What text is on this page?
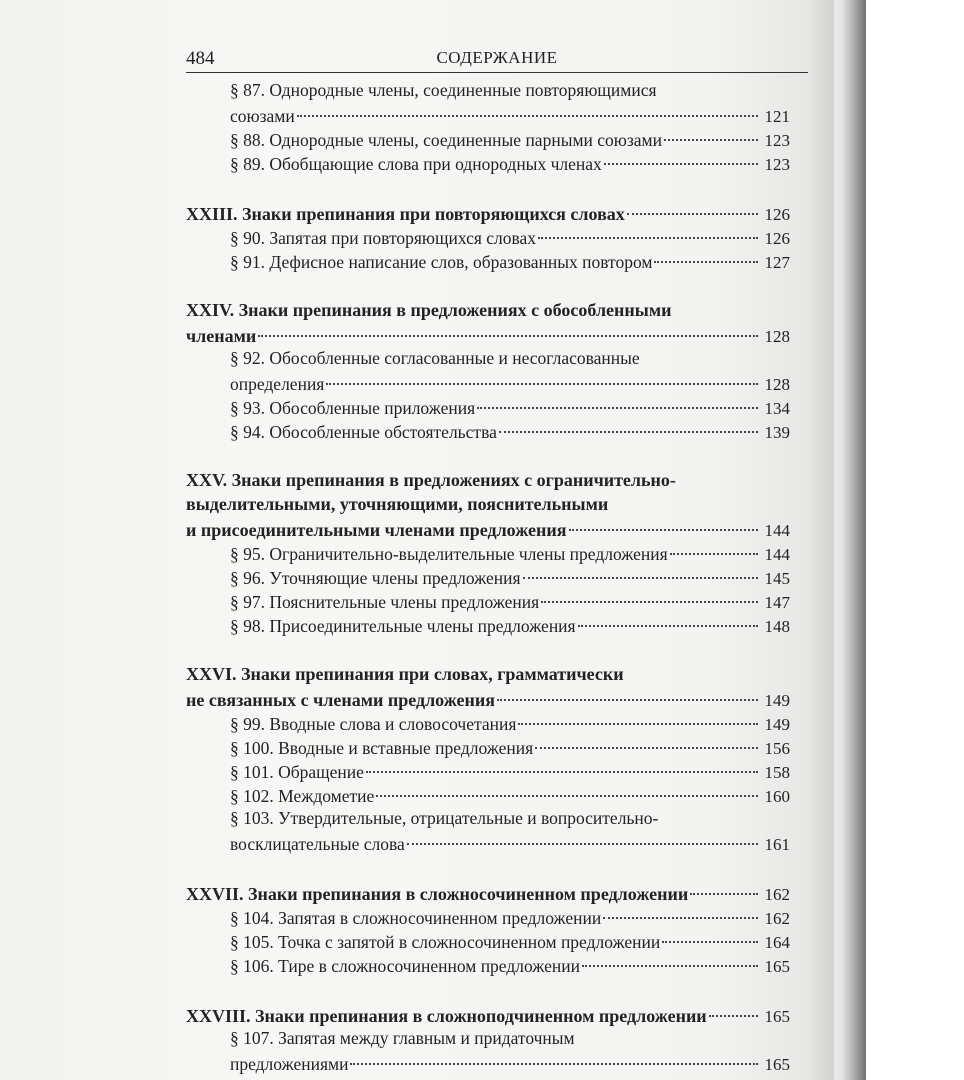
484	СОДЕРЖАНИЕ
§ 87. Однородные члены, соединенные повторяющимися
союзами	121
§ 88. Однородные члены, соединенные парными союзами	123
§ 89. Обобщающие слова при однородных членах	123
XXIII. Знаки препинания при повторяющихся словах	126
§ 90. Запятая при повторяющихся словах	126
§ 91. Дефисное написание слов, образованных повтором	127
XXIV. Знаки препинания в предложениях с обособленными
членами	128
§ 92. Обособленные согласованные и несогласованные
определения	128
§ 93. Обособленные приложения	134
§ 94. Обособленные обстоятельства	139
XXV. Знаки препинания в предложениях с ограничительно-
выделительными, уточняющими, пояснительными
и присоединительными членами предложения	144
§ 95. Ограничительно-выделительные члены предложения	144
§ 96. Уточняющие члены предложения	145
§ 97. Пояснительные члены предложения	147
§ 98. Присоединительные члены предложения	148
XXVI. Знаки препинания при словах, грамматически
не связанных с членами предложения	149
§ 99. Вводные слова и словосочетания	149
§ 100. Вводные и вставные предложения	156
§ 101. Обращение	158
§ 102. Междометие	160
§ 103. Утвердительные, отрицательные и вопросительно-
восклицательные слова	161
XXVII. Знаки препинания в сложносочиненном предложении	162
§ 104. Запятая в сложносочиненном предложении	162
§ 105. Точка с запятой в сложносочиненном предложении	164
§ 106. Тире в сложносочиненном предложении	165
XXVIII. Знаки препинания в сложноподчиненном предложении	165
§ 107. Запятая между главным и придаточным
предложениями	165
